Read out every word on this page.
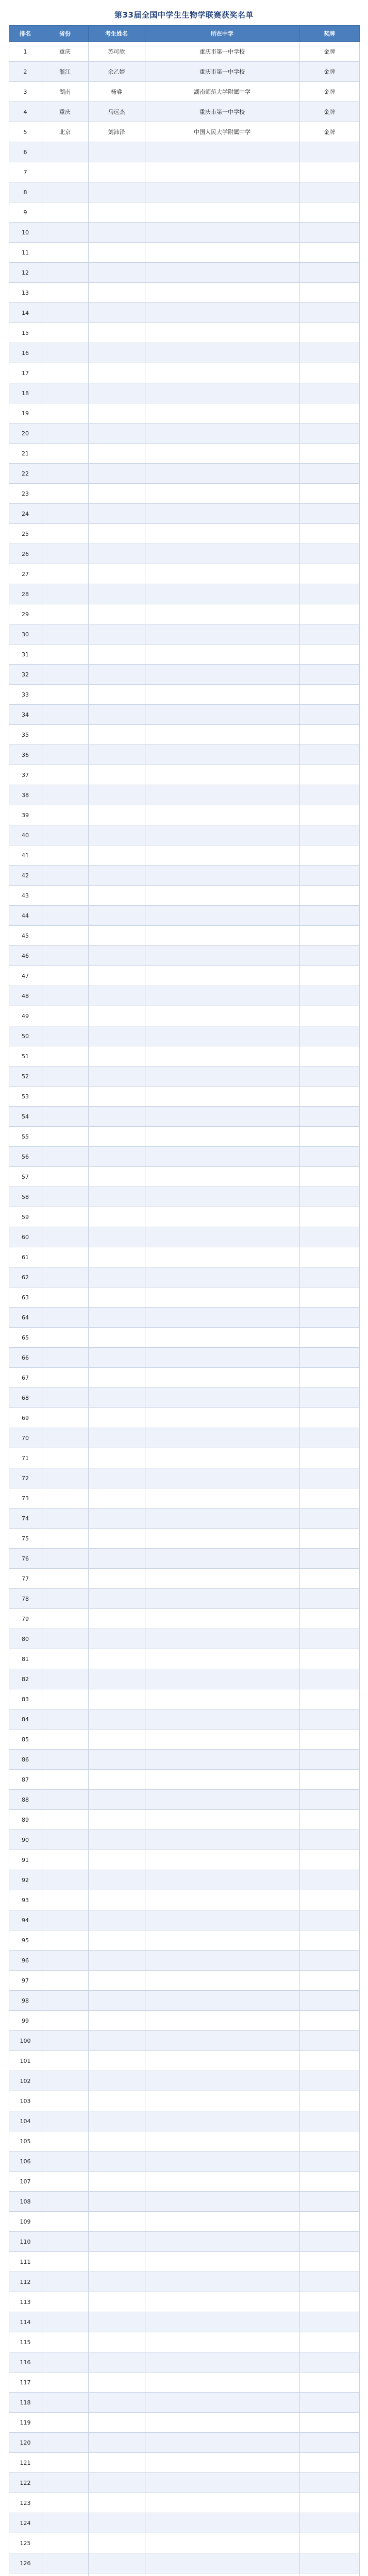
第33届全国中学生生物学联赛获奖名单
排名	省份	考生姓名	所在中学	奖牌
1	重庆	苏可欣	重庆市第一中学校	金牌
2	浙江	余乙婷	重庆市第一中学校	金牌
3	湖南	杨睿	湖南师范大学附属中学	金牌
4	重庆	马远杰	重庆市第一中学校	金牌
5	北京	刘沛泽	中国人民大学附属中学	金牌
6				
7				
8				
9				
10				
11				
12				
13				
14				
15				
16				
17				
18				
19				
20				
21				
22				
23				
24				
25				
26				
27				
28				
29				
30				
31				
32				
33				
34				
35				
36				
37				
38				
39				
40				
41				
42				
43				
44				
45				
46				
47				
48				
49				
50				
51				
52				
53				
54				
55				
56				
57				
58				
59				
60				
61				
62				
63				
64				
65				
66				
67				
68				
69				
70				
71				
72				
73				
74				
75				
76				
77				
78				
79				
80				
81				
82				
83				
84				
85				
86				
87				
88				
89				
90				
91				
92				
93				
94				
95				
96				
97				
98				
99				
100				
101				
102				
103				
104				
105				
106				
107				
108				
109				
110				
111				
112				
113				
114				
115				
116				
117				
118				
119				
120				
121				
122				
123				
124				
125				
126				
